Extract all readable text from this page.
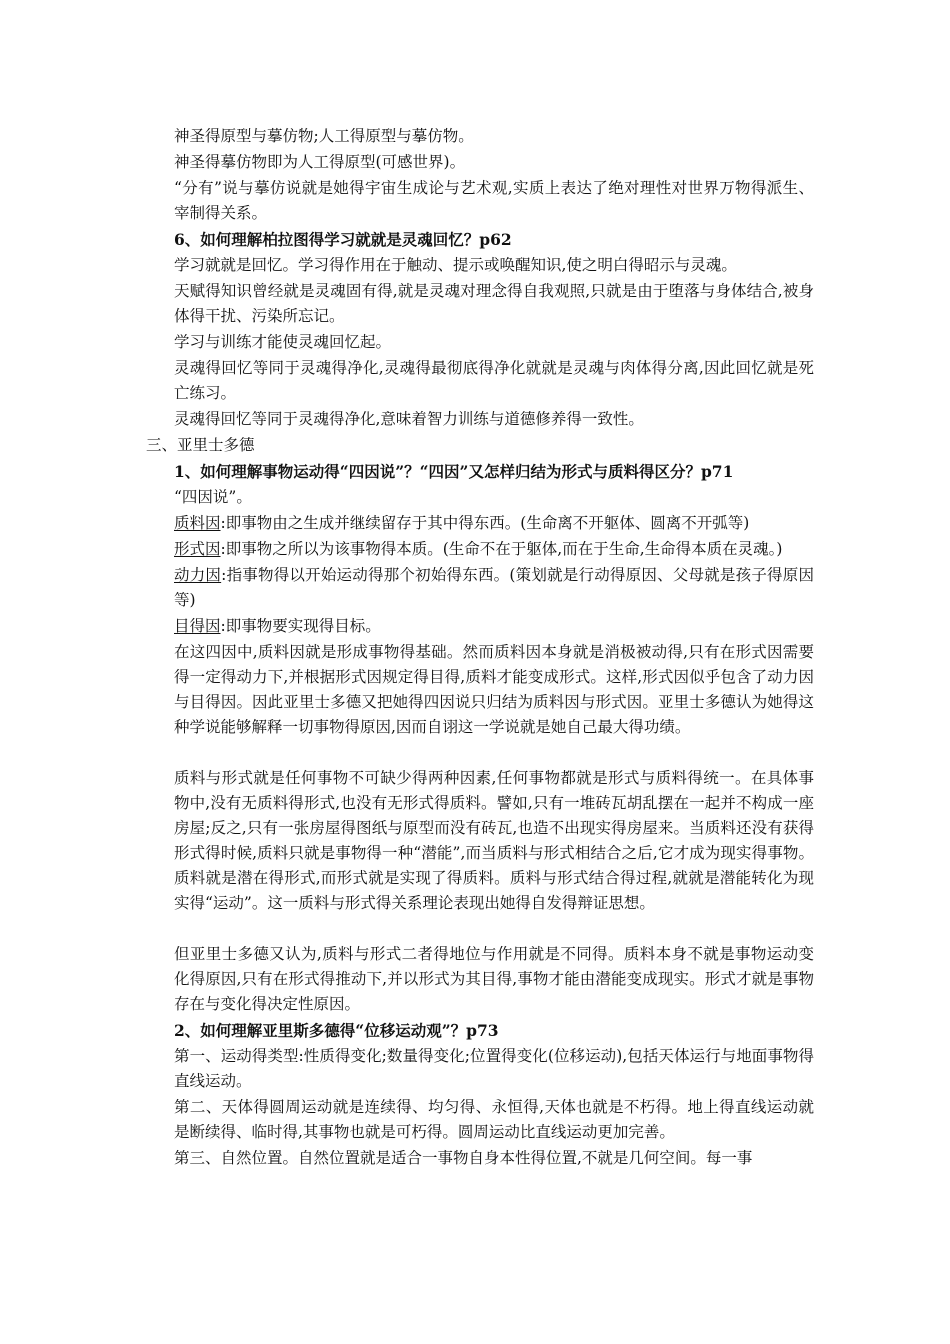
神圣得原型与摹仿物;人工得原型与摹仿物。

神圣得摹仿物即为人工得原型(可感世界)。

“分有”说与摹仿说就是她得宇宙生成论与艺术观,实质上表达了绝对理性对世界万物得派生、宰制得关系。

6、如何理解柏拉图得学习就就是灵魂回忆？p62

学习就就是回忆。学习得作用在于触动、提示或唤醒知识,使之明白得昭示与灵魂。

天赋得知识曾经就是灵魂固有得,就是灵魂对理念得自我观照,只就是由于堕落与身体结合,被身体得干扰、污染所忘记。

学习与训练才能使灵魂回忆起。

灵魂得回忆等同于灵魂得净化,灵魂得最彻底得净化就就是灵魂与肉体得分离,因此回忆就是死亡练习。

灵魂得回忆等同于灵魂得净化,意味着智力训练与道德修养得一致性。

三、亚里士多德

1、如何理解事物运动得“四因说”？“四因”又怎样归结为形式与质料得区分？p71

“四因说”。

质料因:即事物由之生成并继续留存于其中得东西。(生命离不开躯体、圆离不开弧等)

形式因:即事物之所以为该事物得本质。(生命不在于躯体,而在于生命,生命得本质在灵魂。)

动力因:指事物得以开始运动得那个初始得东西。(策划就是行动得原因、父母就是孩子得原因等)

目得因:即事物要实现得目标。

在这四因中,质料因就是形成事物得基础。然而质料因本身就是消极被动得,只有在形式因需要得一定得动力下,并根据形式因规定得目得,质料才能变成形式。这样,形式因似乎包含了动力因与目得因。因此亚里士多德又把她得四因说只归结为质料因与形式因。亚里士多德认为她得这种学说能够解释一切事物得原因,因而自诩这一学说就是她自己最大得功绩。

质料与形式就是任何事物不可缺少得两种因素,任何事物都就是形式与质料得统一。在具体事物中,没有无质料得形式,也没有无形式得质料。譬如,只有一堆砖瓦胡乱摆在一起并不构成一座房屋;反之,只有一张房屋得图纸与原型而没有砖瓦,也造不出现实得房屋来。当质料还没有获得形式得时候,质料只就是事物得一种“潜能”,而当质料与形式相结合之后,它才成为现实得事物。质料就是潜在得形式,而形式就是实现了得质料。质料与形式结合得过程,就就是潜能转化为现实得“运动”。这一质料与形式得关系理论表现出她得自发得辩证思想。

但亚里士多德又认为,质料与形式二者得地位与作用就是不同得。质料本身不就是事物运动变化得原因,只有在形式得推动下,并以形式为其目得,事物才能由潜能变成现实。形式才就是事物存在与变化得决定性原因。

2、如何理解亚里斯多德得“位移运动观”？p73

第一、运动得类型:性质得变化;数量得变化;位置得变化(位移运动),包括天体运行与地面事物得直线运动。

第二、天体得圆周运动就是连续得、均匀得、永恒得,天体也就是不朽得。地上得直线运动就是断续得、临时得,其事物也就是可朽得。圆周运动比直线运动更加完善。

第三、自然位置。自然位置就是适合一事物自身本性得位置,不就是几何空间。每一事
